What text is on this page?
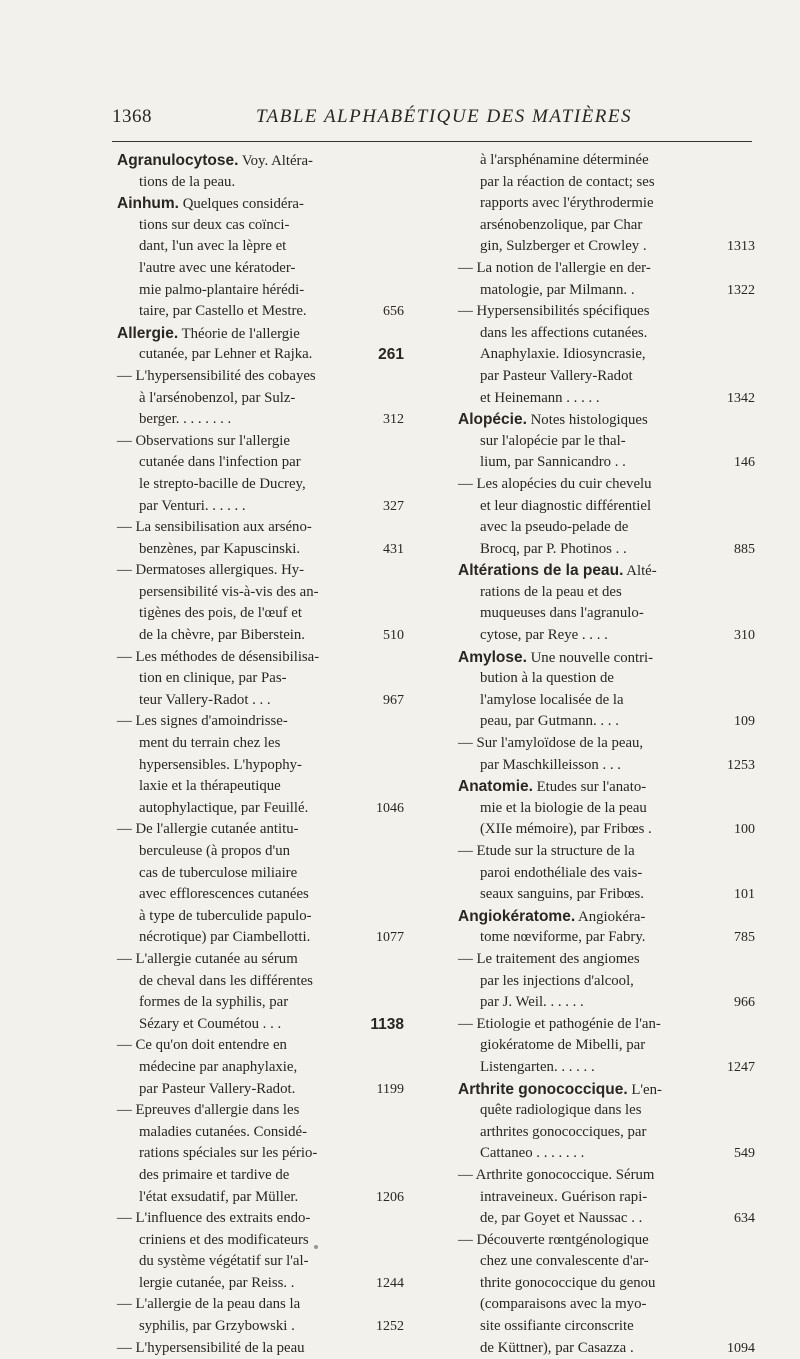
1368	TABLE ALPHABÉTIQUE DES MATIÈRES
Agranulocytose. Voy. Altéra-
tions de la peau.
Ainhum. Quelques considéra-
tions sur deux cas coïnci-
dant, l'un avec la lèpre et
l'autre avec une kératoder-
mie palmo-plantaire hérédi-
taire, par Castello et Mestre.	656
Allergie. Théorie de l'allergie
cutanée, par Lehner et Rajka.	261
— L'hypersensibilité des cobayes
à l'arsénobenzol, par Sulz-
berger. . . . . . . .	312
— Observations sur l'allergie
cutanée dans l'infection par
le strepto-bacille de Ducrey,
par Venturi. . . . . .	327
— La sensibilisation aux arséno-
benzènes, par Kapuscinski.	431
— Dermatoses allergiques. Hy-
persensibilité vis-à-vis des an-
tigènes des pois, de l'œuf et
de la chèvre, par Biberstein.	510
— Les méthodes de désensibilisa-
tion en clinique, par Pas-
teur Vallery-Radot . . .	967
— Les signes d'amoindrisse-
ment du terrain chez les
hypersensibles. L'hypophy-
laxie et la thérapeutique
autophylactique, par Feuillé.	1046
— De l'allergie cutanée antitu-
berculeuse (à propos d'un
cas de tuberculose miliaire
avec efflorescences cutanées
à type de tuberculide papulo-
nécrotique) par Ciambellotti.	1077
— L'allergie cutanée au sérum
de cheval dans les différentes
formes de la syphilis, par
Sézary et Coumétou . . .	1138
— Ce qu'on doit entendre en
médecine par anaphylaxie,
par Pasteur Vallery-Radot.	1199
— Epreuves d'allergie dans les
maladies cutanées. Considé-
rations spéciales sur les pério-
des primaire et tardive de
l'état exsudatif, par Müller.	1206
— L'influence des extraits endo-
criniens et des modificateurs
du système végétatif sur l'al-
lergie cutanée, par Reiss. .	1244
— L'allergie de la peau dans la
syphilis, par Grzybowski .	1252
— L'hypersensibilité de la peau
à l'arsphénamine déterminée
par la réaction de contact; ses
rapports avec l'érythrodermie
arsénobenzolique, par Char
gin, Sulzberger et Crowley .	1313
— La notion de l'allergie en der-
matologie, par Milmann. .	1322
— Hypersensibilités spécifiques
dans les affections cutanées.
Anaphylaxie. Idiosyncrasie,
par Pasteur Vallery-Radot
et Heinemann . . . . .	1342
Alopécie. Notes histologiques
sur l'alopécie par le thal-
lium, par Sannicandro . .	146
— Les alopécies du cuir chevelu
et leur diagnostic différentiel
avec la pseudo-pelade de
Brocq, par P. Photinos . .	885
Altérations de la peau. Alté-
rations de la peau et des
muqueuses dans l'agranulo-
cytose, par Reye . . . .	310
Amylose. Une nouvelle contri-
bution à la question de
l'amylose localisée de la
peau, par Gutmann. . . .	109
— Sur l'amyloïdose de la peau,
par Maschkilleisson . . .	1253
Anatomie. Etudes sur l'anato-
mie et la biologie de la peau
(XIIe mémoire), par Fribœs .	100
— Etude sur la structure de la
paroi endothéliale des vais-
seaux sanguins, par Fribœs.	101
Angiokératome. Angiokéra-
tome nœviforme, par Fabry.	785
— Le traitement des angiomes
par les injections d'alcool,
par J. Weil. . . . . .	966
— Etiologie et pathogénie de l'an-
giokératome de Mibelli, par
Listengarten. . . . . .	1247
Arthrite gonococcique. L'en-
quête radiologique dans les
arthrites gonococciques, par
Cattaneo . . . . . . .	549
— Arthrite gonococcique. Sérum
intraveineux. Guérison rapi-
de, par Goyet et Naussac . .	634
— Découverte rœntgénologique
chez une convalescente d'ar-
thrite gonococcique du genou
(comparaisons avec la myo-
site ossifiante circonscrite
de Küttner), par Casazza .	1094
